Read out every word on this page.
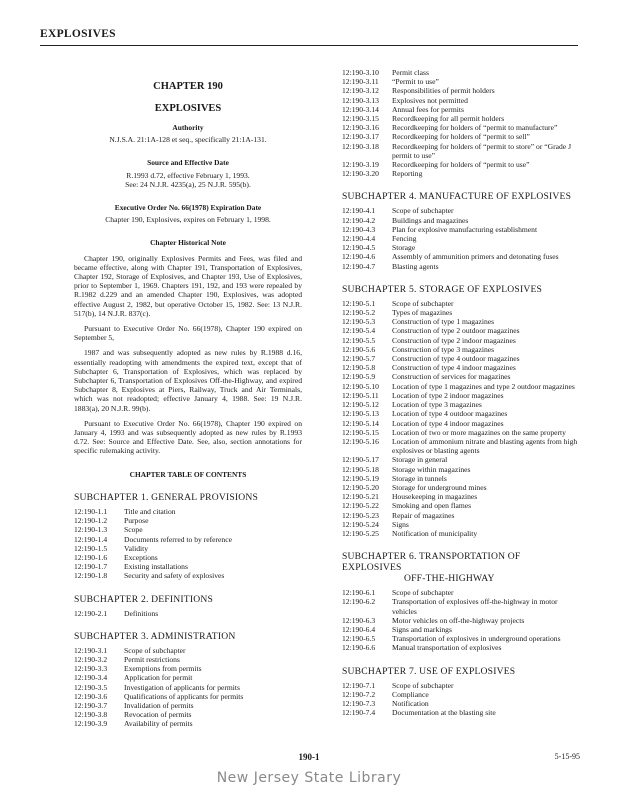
EXPLOSIVES
CHAPTER 190
EXPLOSIVES
Authority
N.J.S.A. 21:1A-128 et seq., specifically 21:1A-131.
Source and Effective Date
R.1993 d.72, effective February 1, 1993.
See: 24 N.J.R. 4235(a), 25 N.J.R. 595(b).
Executive Order No. 66(1978) Expiration Date
Chapter 190, Explosives, expires on February 1, 1998.
Chapter Historical Note

Chapter 190, originally Explosives Permits and Fees, was filed and became effective, along with Chapter 191, Transportation of Explosives, Chapter 192, Storage of Explosives, and Chapter 193, Use of Explosives, prior to September 1, 1969. Chapters 191, 192, and 193 were repealed by R.1982 d.229 and an amended Chapter 190, Explosives, was adopted effective August 2, 1982, but operative October 15, 1982. See: 13 N.J.R. 517(b), 14 N.J.R. 837(c).

Pursuant to Executive Order No. 66(1978), Chapter 190 expired on September 5,

1987 and was subsequently adopted as new rules by R.1988 d.16, essentially readopting with amendments the expired text, except that of Subchapter 6, Transportation of Explosives, which was replaced by Subchapter 6, Transportation of Explosives Off-the-Highway, and expired Subchapter 8, Explosives at Piers, Railway, Truck and Air Terminals, which was not readopted; effective January 4, 1988. See: 19 N.J.R. 1883(a), 20 N.J.R. 99(b).

Pursuant to Executive Order No. 66(1978), Chapter 190 expired on January 4, 1993 and was subsequently adopted as new rules by R.1993 d.72. See: Source and Effective Date. See, also, section annotations for specific rulemaking activity.

CHAPTER TABLE OF CONTENTS
SUBCHAPTER 1. GENERAL PROVISIONS
12:190-1.1	Title and citation
12:190-1.2	Purpose
12:190-1.3	Scope
12:190-1.4	Documents referred to by reference
12:190-1.5	Validity
12:190-1.6	Exceptions
12:190-1.7	Existing installations
12:190-1.8	Security and safety of explosives
SUBCHAPTER 2. DEFINITIONS
12:190-2.1	Definitions
SUBCHAPTER 3. ADMINISTRATION
12:190-3.1	Scope of subchapter
12:190-3.2	Permit restrictions
12:190-3.3	Exemptions from permits
12:190-3.4	Application for permit
12:190-3.5	Investigation of applicants for permits
12:190-3.6	Qualifications of applicants for permits
12:190-3.7	Invalidation of permits
12:190-3.8	Revocation of permits
12:190-3.9	Availability of permits
12:190-3.10	Permit class
12:190-3.11	“Permit to use”
12:190-3.12	Responsibilities of permit holders
12:190-3.13	Explosives not permitted
12:190-3.14	Annual fees for permits
12:190-3.15	Recordkeeping for all permit holders
12:190-3.16	Recordkeeping for holders of “permit to manufacture”
12:190-3.17	Recordkeeping for holders of “permit to sell”
12:190-3.18	Recordkeeping for holders of “permit to store” or “Grade J permit to use”
12:190-3.19	Recordkeeping for holders of “permit to use”
12:190-3.20	Reporting
SUBCHAPTER 4. MANUFACTURE OF EXPLOSIVES
12:190-4.1	Scope of subchapter
12:190-4.2	Buildings and magazines
12:190-4.3	Plan for explosive manufacturing establishment
12:190-4.4	Fencing
12:190-4.5	Storage
12:190-4.6	Assembly of ammunition primers and detonating fuses
12:190-4.7	Blasting agents
SUBCHAPTER 5. STORAGE OF EXPLOSIVES
12:190-5.1	Scope of subchapter
12:190-5.2	Types of magazines
12:190-5.3	Construction of type 1 magazines
12:190-5.4	Construction of type 2 outdoor magazines
12:190-5.5	Construction of type 2 indoor magazines
12:190-5.6	Construction of type 3 magazines
12:190-5.7	Construction of type 4 outdoor magazines
12:190-5.8	Construction of type 4 indoor magazines
12:190-5.9	Construction of services for magazines
12:190-5.10	Location of type 1 magazines and type 2 outdoor magazines
12:190-5.11	Location of type 2 indoor magazines
12:190-5.12	Location of type 3 magazines
12:190-5.13	Location of type 4 outdoor magazines
12:190-5.14	Location of type 4 indoor magazines
12:190-5.15	Location of two or more magazines on the same property
12:190-5.16	Location of ammonium nitrate and blasting agents from high explosives or blasting agents
12:190-5.17	Storage in general
12:190-5.18	Storage within magazines
12:190-5.19	Storage in tunnels
12:190-5.20	Storage for underground mines
12:190-5.21	Housekeeping in magazines
12:190-5.22	Smoking and open flames
12:190-5.23	Repair of magazines
12:190-5.24	Signs
12:190-5.25	Notification of municipality
SUBCHAPTER 6. TRANSPORTATION OF EXPLOSIVES
OFF-THE-HIGHWAY
12:190-6.1	Scope of subchapter
12:190-6.2	Transportation of explosives off-the-highway in motor vehicles
12:190-6.3	Motor vehicles on off-the-highway projects
12:190-6.4	Signs and markings
12:190-6.5	Transportation of explosives in underground operations
12:190-6.6	Manual transportation of explosives
SUBCHAPTER 7. USE OF EXPLOSIVES
12:190-7.1	Scope of subchapter
12:190-7.2	Compliance
12:190-7.3	Notification
12:190-7.4	Documentation at the blasting site
190-1	5-15-95
New Jersey State Library
